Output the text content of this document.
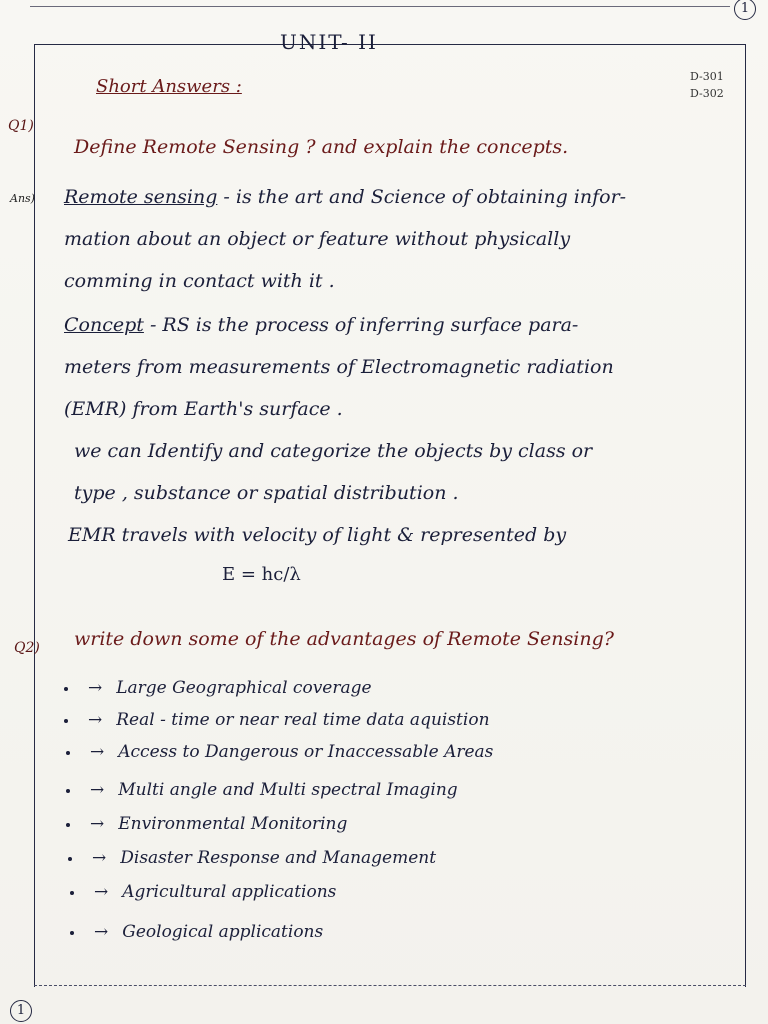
1
1
UNIT- II
Short Answers :	D-301
D-302
Q1)
Define Remote Sensing ? and explain the concepts.
Ans) Remote sensing - is the art and Science of obtaining infor-
mation about an object or feature without physically
comming in contact with it .
Concept - RS is the process of inferring surface para-
meters from measurements of Electromagnetic radiation
(EMR) from Earth's surface .
we can Identify and categorize the objects by class or
type , substance or spatial distribution .
EMR travels with velocity of light & represented by
E = hc/λ
Q2) write down some of the advantages of Remote Sensing?
→ Large Geographical coverage
→ Real - time or near real time data aquistion
→ Access to Dangerous or Inaccessable Areas
→ Multi angle and Multi spectral Imaging
→ Environmental Monitoring
→ Disaster Response and Management
→ Agricultural applications
→ Geological applications
